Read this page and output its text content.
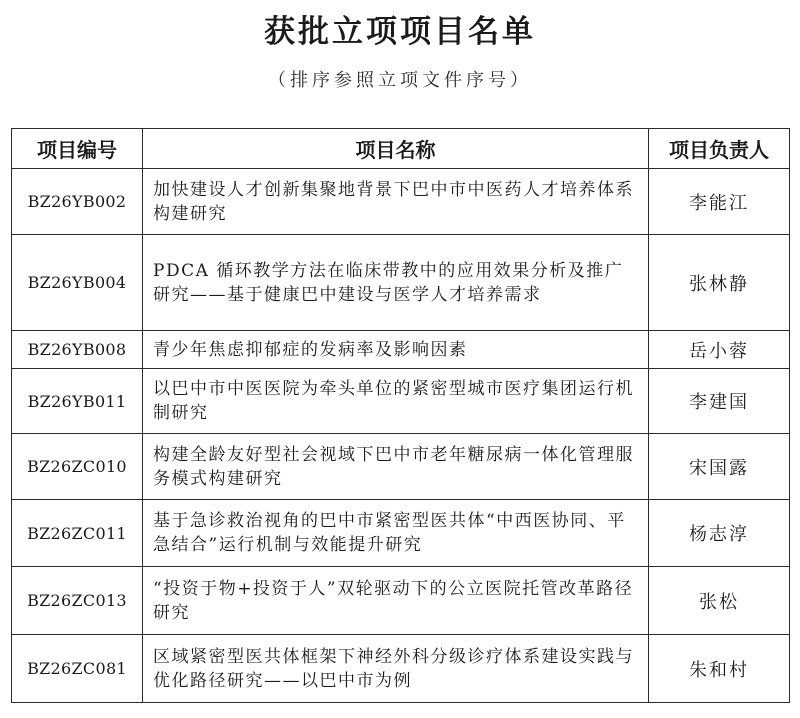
获批立项项目名单
（排序参照立项文件序号）
项目编号	项目名称	项目负责人
BZ26YB002	加快建设人才创新集聚地背景下巴中市中医药人才培养体系构建研究	李能江
BZ26YB004	PDCA 循环教学方法在临床带教中的应用效果分析及推广研究——基于健康巴中建设与医学人才培养需求	张林静
BZ26YB008	青少年焦虑抑郁症的发病率及影响因素	岳小蓉
BZ26YB011	以巴中市中医医院为牵头单位的紧密型城市医疗集团运行机制研究	李建国
BZ26ZC010	构建全龄友好型社会视域下巴中市老年糖尿病一体化管理服务模式构建研究	宋国露
BZ26ZC011	基于急诊救治视角的巴中市紧密型医共体“中西医协同、平急结合”运行机制与效能提升研究	杨志淳
BZ26ZC013	“投资于物+投资于人”双轮驱动下的公立医院托管改革路径研究	张松
BZ26ZC081	区域紧密型医共体框架下神经外科分级诊疗体系建设实践与优化路径研究——以巴中市为例	朱和村
